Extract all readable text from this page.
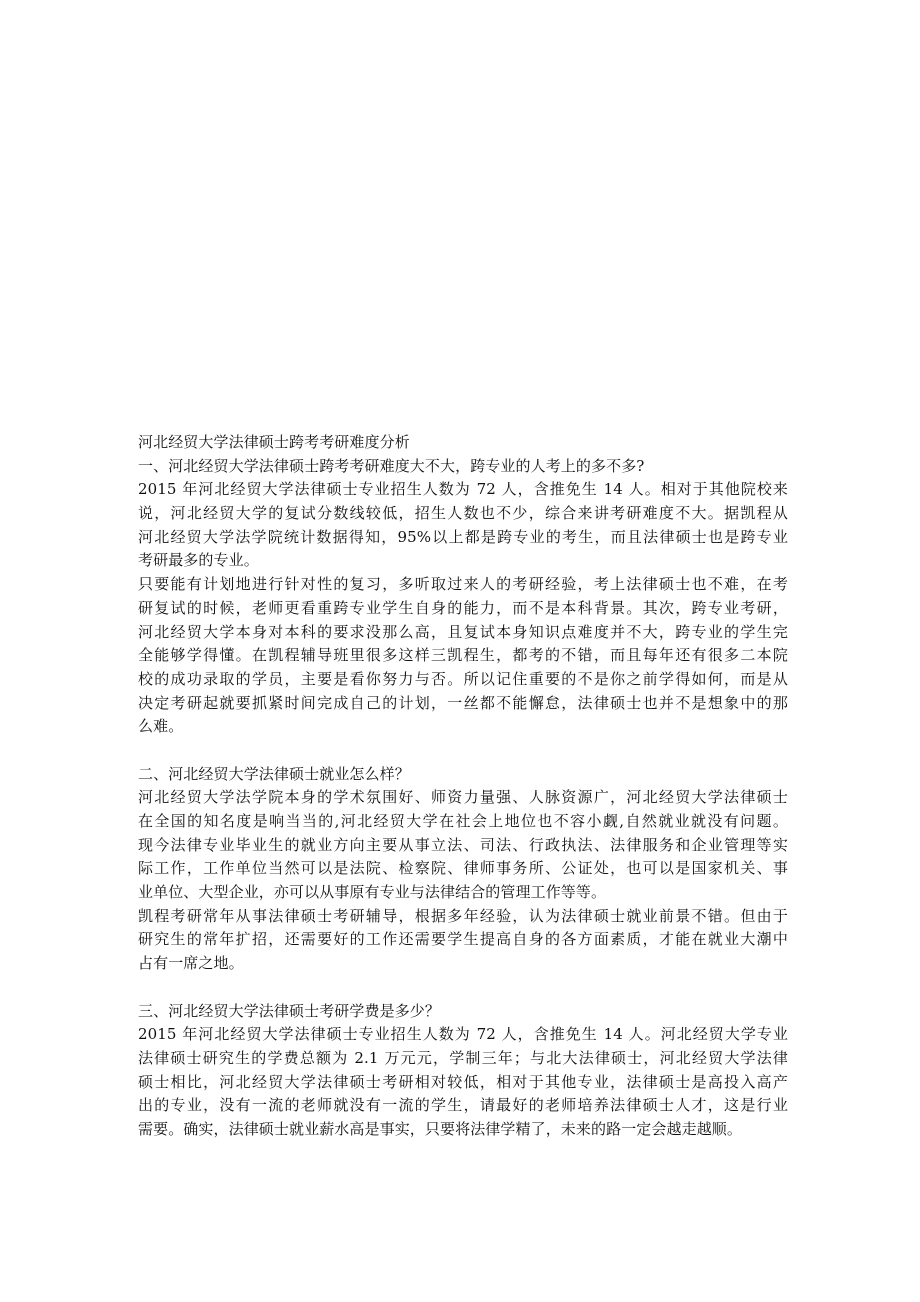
河北经贸大学法律硕士跨考考研难度分析
一、河北经贸大学法律硕士跨考考研难度大不大，跨专业的人考上的多不多?
2015 年河北经贸大学法律硕士专业招生人数为 72 人，含推免生 14 人。相对于其他院校来
说，河北经贸大学的复试分数线较低，招生人数也不少，综合来讲考研难度不大。据凯程从
河北经贸大学法学院统计数据得知，95%以上都是跨专业的考生，而且法律硕士也是跨专业
考研最多的专业。
只要能有计划地进行针对性的复习，多听取过来人的考研经验，考上法律硕士也不难，在考
研复试的时候，老师更看重跨专业学生自身的能力，而不是本科背景。其次，跨专业考研，
河北经贸大学本身对本科的要求没那么高，且复试本身知识点难度并不大，跨专业的学生完
全能够学得懂。在凯程辅导班里很多这样三凯程生，都考的不错，而且每年还有很多二本院
校的成功录取的学员，主要是看你努力与否。所以记住重要的不是你之前学得如何，而是从
决定考研起就要抓紧时间完成自己的计划，一丝都不能懈怠，法律硕士也并不是想象中的那
么难。
二、河北经贸大学法律硕士就业怎么样？
河北经贸大学法学院本身的学术氛围好、师资力量强、人脉资源广，河北经贸大学法律硕士
在全国的知名度是响当当的,河北经贸大学在社会上地位也不容小觑,自然就业就没有问题。
现今法律专业毕业生的就业方向主要从事立法、司法、行政执法、法律服务和企业管理等实
际工作，工作单位当然可以是法院、检察院、律师事务所、公证处，也可以是国家机关、事
业单位、大型企业，亦可以从事原有专业与法律结合的管理工作等等。
凯程考研常年从事法律硕士考研辅导，根据多年经验，认为法律硕士就业前景不错。但由于
研究生的常年扩招，还需要好的工作还需要学生提高自身的各方面素质，才能在就业大潮中
占有一席之地。
三、河北经贸大学法律硕士考研学费是多少？
2015 年河北经贸大学法律硕士专业招生人数为 72 人，含推免生 14 人。河北经贸大学专业
法律硕士研究生的学费总额为 2.1 万元元，学制三年；与北大法律硕士，河北经贸大学法律
硕士相比，河北经贸大学法律硕士考研相对较低，相对于其他专业，法律硕士是高投入高产
出的专业，没有一流的老师就没有一流的学生，请最好的老师培养法律硕士人才，这是行业
需要。确实，法律硕士就业薪水高是事实，只要将法律学精了，未来的路一定会越走越顺。
